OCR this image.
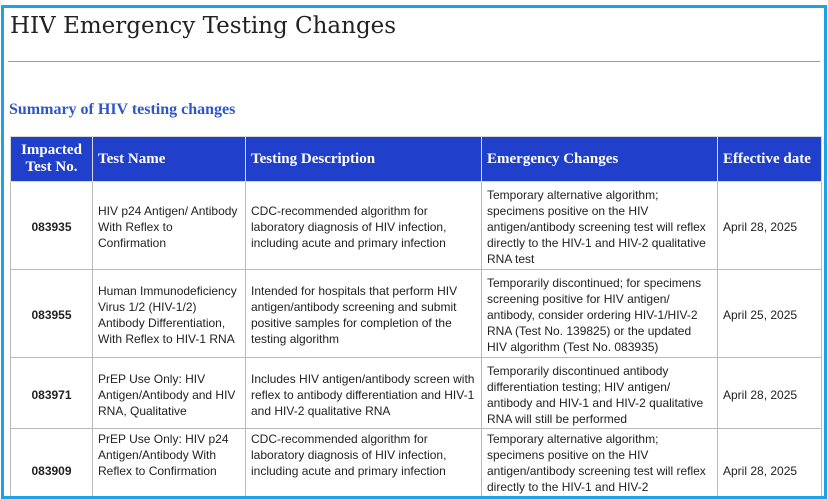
HIV Emergency Testing Changes
Summary of HIV testing changes
Impacted Test No.	Test Name	Testing Description	Emergency Changes	Effective date
083935	HIV p24 Antigen/ Antibody With Reflex to Confirmation	CDC-recommended algorithm for laboratory diagnosis of HIV infection, including acute and primary infection	Temporary alternative algorithm; specimens positive on the HIV antigen/antibody screening test will reflex directly to the HIV-1 and HIV-2 qualitative RNA test	April 28, 2025
083955	Human Immunodeficiency Virus 1/2 (HIV-1/2) Antibody Differentiation, With Reflex to HIV-1 RNA	Intended for hospitals that perform HIV antigen/antibody screening and submit positive samples for completion of the testing algorithm	Temporarily discontinued; for specimens screening positive for HIV antigen/ antibody, consider ordering HIV-1/HIV-2 RNA (Test No. 139825) or the updated HIV algorithm (Test No. 083935)	April 25, 2025
083971	PrEP Use Only: HIV Antigen/Antibody and HIV RNA, Qualitative	Includes HIV antigen/antibody screen with reflex to antibody differentiation and HIV-1 and HIV-2 qualitative RNA	Temporarily discontinued antibody differentiation testing; HIV antigen/ antibody and HIV-1 and HIV-2 qualitative RNA will still be performed	April 28, 2025
083909	PrEP Use Only: HIV p24 Antigen/Antibody With Reflex to Confirmation	CDC-recommended algorithm for laboratory diagnosis of HIV infection, including acute and primary infection	Temporary alternative algorithm; specimens positive on the HIV antigen/antibody screening test will reflex directly to the HIV-1 and HIV-2	April 28, 2025
